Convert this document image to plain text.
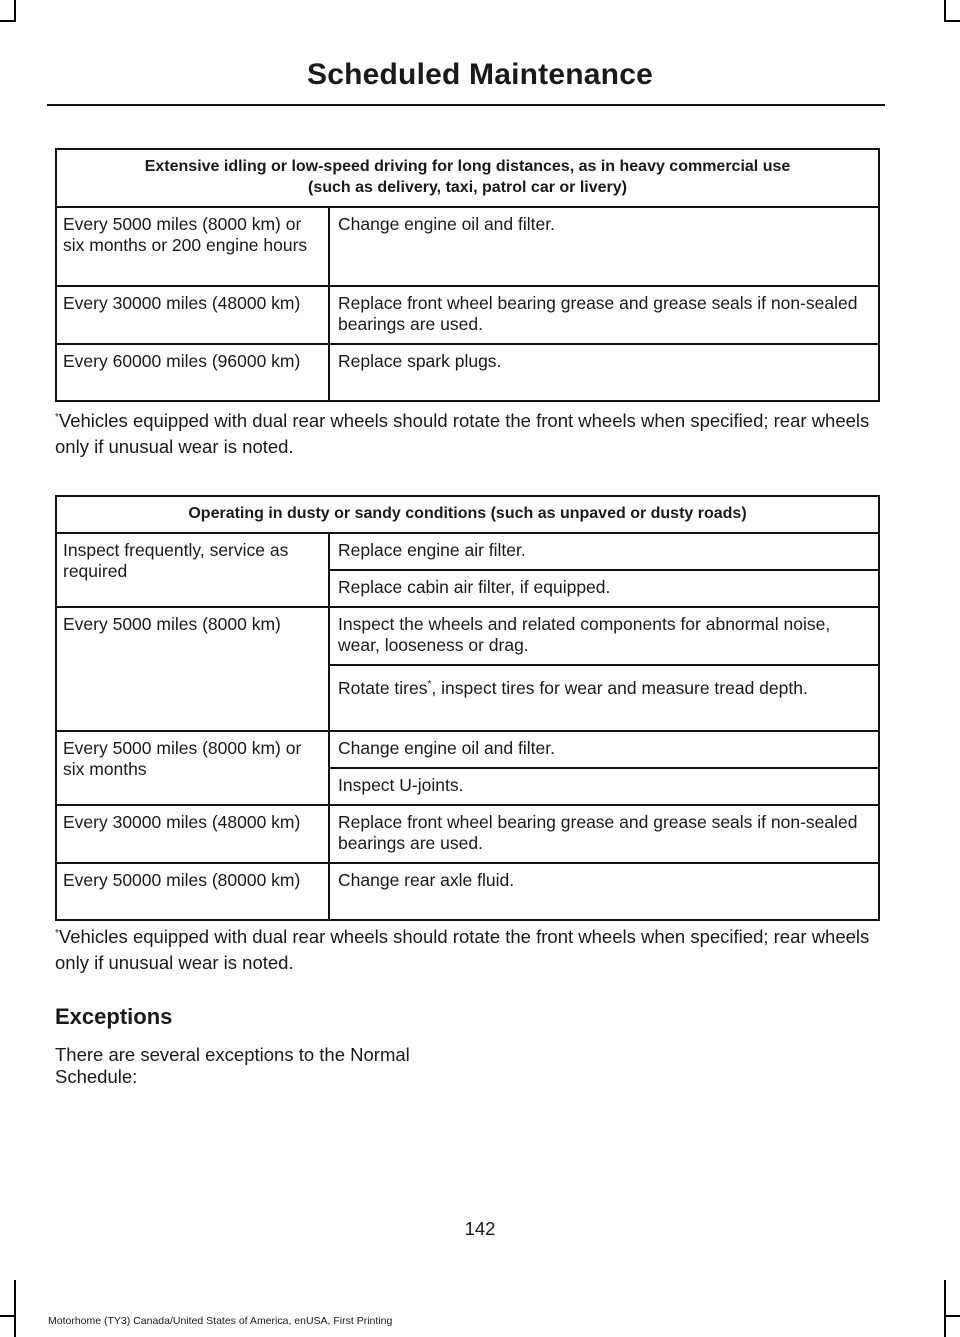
Scheduled Maintenance
Extensive idling or low-speed driving for long distances, as in heavy commercial use
(such as delivery, taxi, patrol car or livery)	
Every 5000 miles (8000 km) or six months or 200 engine hours	Change engine oil and filter.
Every 30000 miles (48000 km)	Replace front wheel bearing grease and grease seals if non-sealed bearings are used.
Every 60000 miles (96000 km)	Replace spark plugs.
*Vehicles equipped with dual rear wheels should rotate the front wheels when specified; rear wheels only if unusual wear is noted.
Operating in dusty or sandy conditions (such as unpaved or dusty roads)	
Inspect frequently, service as required	Replace engine air filter.
	Replace cabin air filter, if equipped.
Every 5000 miles (8000 km)	Inspect the wheels and related components for abnormal noise, wear, looseness or drag.
	Rotate tires*, inspect tires for wear and measure tread depth.
Every 5000 miles (8000 km) or six months	Change engine oil and filter.
	Inspect U-joints.
Every 30000 miles (48000 km)	Replace front wheel bearing grease and grease seals if non-sealed bearings are used.
Every 50000 miles (80000 km)	Change rear axle fluid.
*Vehicles equipped with dual rear wheels should rotate the front wheels when specified; rear wheels only if unusual wear is noted.
Exceptions
There are several exceptions to the Normal Schedule:
142
Motorhome (TY3) Canada/United States of America, enUSA, First Printing
